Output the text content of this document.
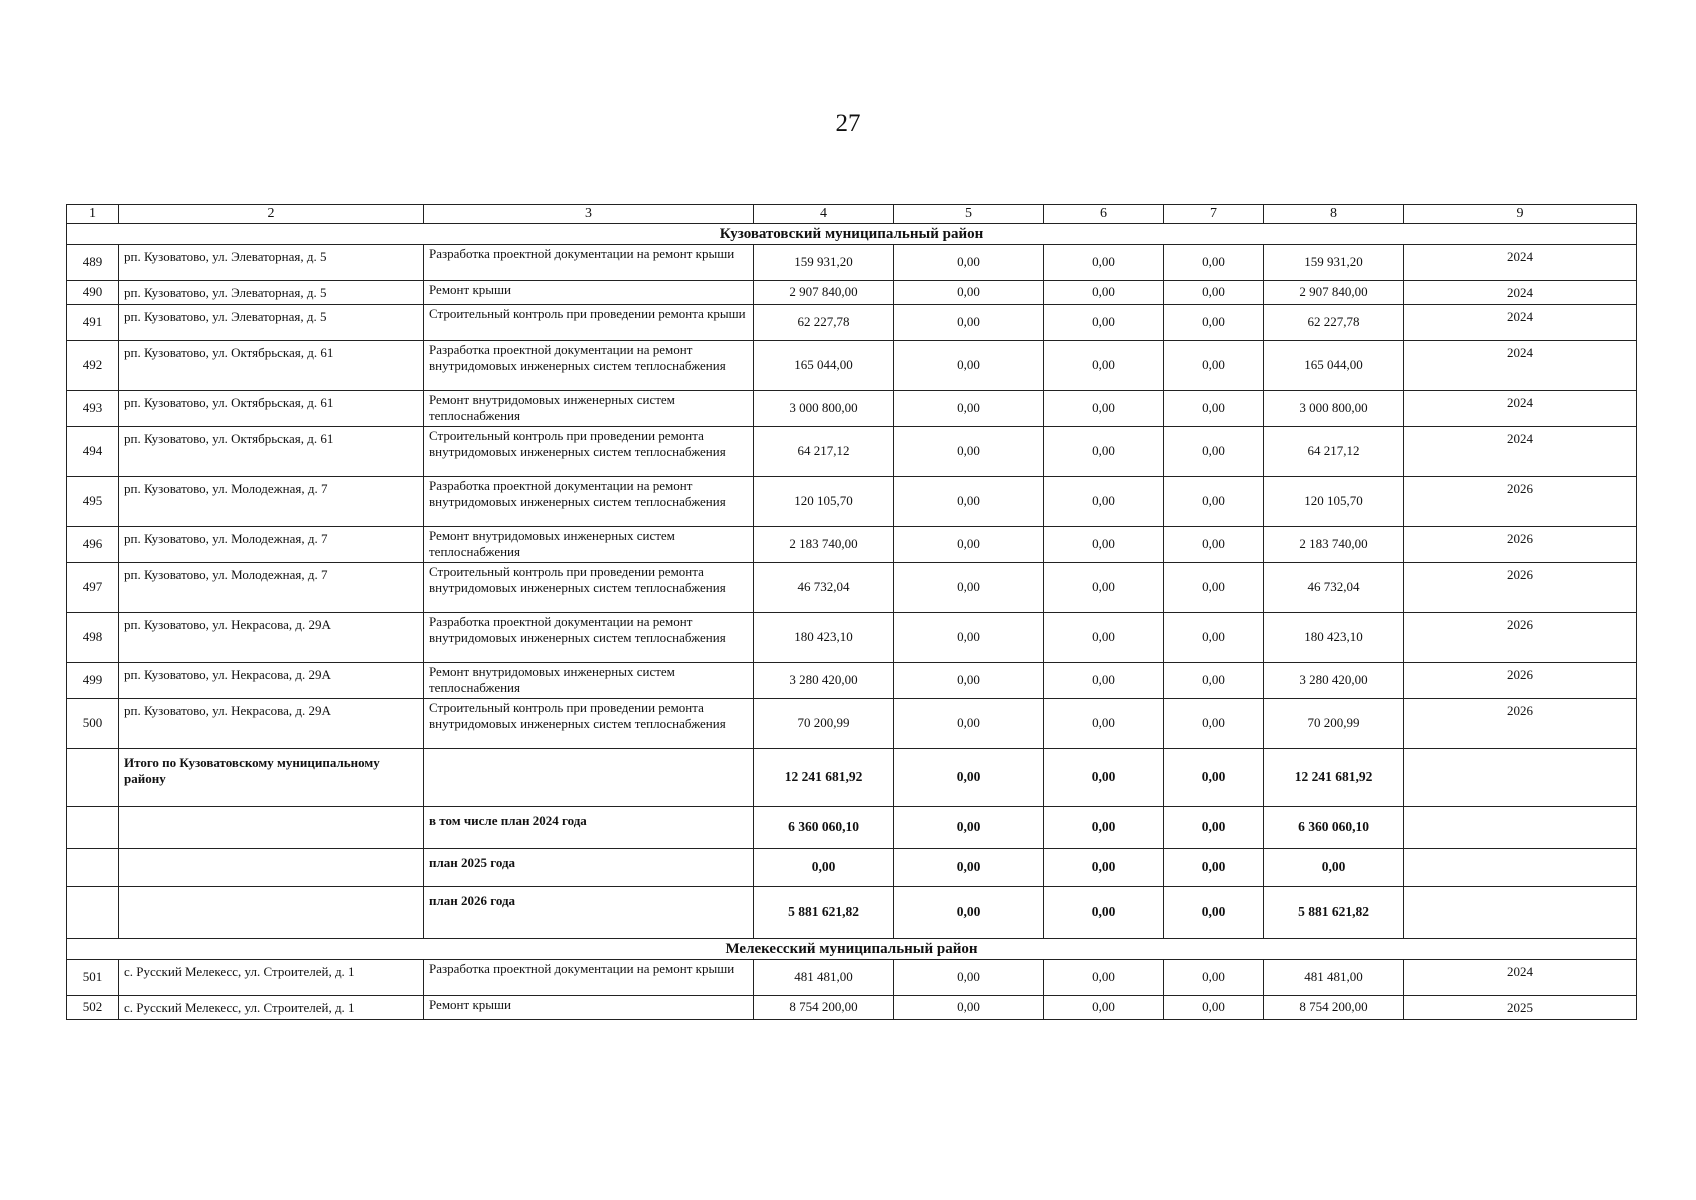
27
1	2	3	4	5	6	7	8	9
Кузоватовский муниципальный район								
489	рп. Кузоватово, ул. Элеваторная, д. 5	Разработка проектной документации на ремонт крыши	159 931,20	0,00	0,00	0,00	159 931,20	2024
490	рп. Кузоватово, ул. Элеваторная, д. 5	Ремонт крыши	2 907 840,00	0,00	0,00	0,00	2 907 840,00	2024
491	рп. Кузоватово, ул. Элеваторная, д. 5	Строительный контроль при проведении ремонта крыши	62 227,78	0,00	0,00	0,00	62 227,78	2024
492	рп. Кузоватово, ул. Октябрьская, д. 61	Разработка проектной документации на ремонт внутридомовых инженерных систем теплоснабжения	165 044,00	0,00	0,00	0,00	165 044,00	2024
493	рп. Кузоватово, ул. Октябрьская, д. 61	Ремонт внутридомовых инженерных систем теплоснабжения	3 000 800,00	0,00	0,00	0,00	3 000 800,00	2024
494	рп. Кузоватово, ул. Октябрьская, д. 61	Строительный контроль при проведении ремонта внутридомовых инженерных систем теплоснабжения	64 217,12	0,00	0,00	0,00	64 217,12	2024
495	рп. Кузоватово, ул. Молодежная, д. 7	Разработка проектной документации на ремонт внутридомовых инженерных систем теплоснабжения	120 105,70	0,00	0,00	0,00	120 105,70	2026
496	рп. Кузоватово, ул. Молодежная, д. 7	Ремонт внутридомовых инженерных систем теплоснабжения	2 183 740,00	0,00	0,00	0,00	2 183 740,00	2026
497	рп. Кузоватово, ул. Молодежная, д. 7	Строительный контроль при проведении ремонта внутридомовых инженерных систем теплоснабжения	46 732,04	0,00	0,00	0,00	46 732,04	2026
498	рп. Кузоватово, ул. Некрасова, д. 29А	Разработка проектной документации на ремонт внутридомовых инженерных систем теплоснабжения	180 423,10	0,00	0,00	0,00	180 423,10	2026
499	рп. Кузоватово, ул. Некрасова, д. 29А	Ремонт внутридомовых инженерных систем теплоснабжения	3 280 420,00	0,00	0,00	0,00	3 280 420,00	2026
500	рп. Кузоватово, ул. Некрасова, д. 29А	Строительный контроль при проведении ремонта внутридомовых инженерных систем теплоснабжения	70 200,99	0,00	0,00	0,00	70 200,99	2026
	Итого по Кузоватовскому муниципальному району		12 241 681,92	0,00	0,00	0,00	12 241 681,92	
		в том числе план 2024 года	6 360 060,10	0,00	0,00	0,00	6 360 060,10	
		план 2025 года	0,00	0,00	0,00	0,00	0,00	
		план 2026 года	5 881 621,82	0,00	0,00	0,00	5 881 621,82	
Мелекесский муниципальный район								
501	с. Русский Мелекесс, ул. Строителей, д. 1	Разработка проектной документации на ремонт крыши	481 481,00	0,00	0,00	0,00	481 481,00	2024
502	с. Русский Мелекесс, ул. Строителей, д. 1	Ремонт крыши	8 754 200,00	0,00	0,00	0,00	8 754 200,00	2025
